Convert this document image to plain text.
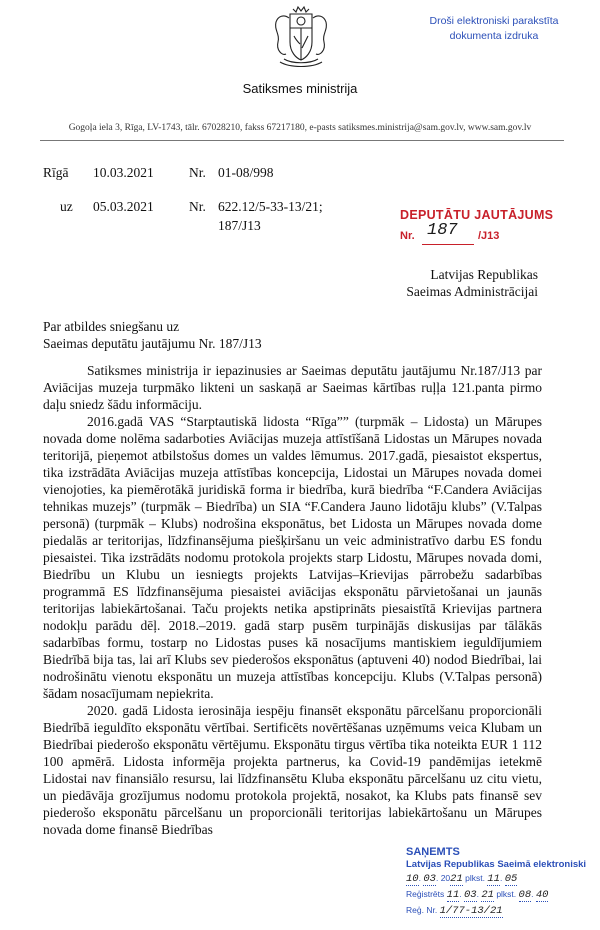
Satiksmes ministrija
Droši elektroniski parakstīta dokumenta izdruka
Gogoļa iela 3, Rīga, LV-1743, tālr. 67028210, fakss 67217180, e-pasts satiksmes.ministrija@sam.gov.lv, www.sam.gov.lv
Rīgā 10.03.2021	Nr. 01-08/998
uz 05.03.2021	Nr. 622.12/5-33-13/21;
187/J13
DEPUTĀTU JAUTĀJUMS
Nr. 187 /J13
Latvijas Republikas
Saeimas Administrācijai
Par atbildes sniegšanu uz
Saeimas deputātu jautājumu Nr. 187/J13

Satiksmes ministrija ir iepazinusies ar Saeimas deputātu jautājumu Nr.187/J13 par Aviācijas muzeja turpmāko likteni un saskaņā ar Saeimas kārtības ruļļa 121.panta pirmo daļu sniedz šādu informāciju.

2016.gadā VAS “Starptautiskā lidosta “Rīga”” (turpmāk – Lidosta) un Mārupes novada dome nolēma sadarboties Aviācijas muzeja attīstīšanā Lidostas un Mārupes novada teritorijā, pieņemot atbilstošus domes un valdes lēmumus. 2017.gadā, piesaistot ekspertus, tika izstrādāta Aviācijas muzeja attīstības koncepcija, Lidostai un Mārupes novada domei vienojoties, ka piemērotākā juridiskā forma ir biedrība, kurā biedrība “F.Candera Aviācijas tehnikas muzejs” (turpmāk – Biedrība) un SIA “F.Candera Jauno lidotāju klubs” (V.Talpas personā) (turpmāk – Klubs) nodrošina eksponātus, bet Lidosta un Mārupes novada dome piedalās ar teritorijas, līdzfinansējuma piešķiršanu un veic administratīvo darbu ES fondu piesaistei. Tika izstrādāts nodomu protokola projekts starp Lidostu, Mārupes novada domi, Biedrību un Klubu un iesniegts projekts Latvijas–Krievijas pārrobežu sadarbības programmā ES līdzfinansējuma piesaistei aviācijas eksponātu pārvietošanai un jaunās teritorijas labiekārtošanai. Taču projekts netika apstiprināts piesaistītā Krievijas partnera nodokļu parādu dēļ. 2018.–2019. gadā starp pusēm turpinājās diskusijas par tālākās sadarbības formu, tostarp no Lidostas puses kā nosacījums mantiskiem ieguldījumiem Biedrībā bija tas, lai arī Klubs sev piederošos eksponātus (aptuveni 40) nodod Biedrībai, lai nodrošinātu vienotu eksponātu un muzeja attīstības koncepciju. Klubs (V.Talpas personā) šādam nosacījumam nepiekrita.

2020. gadā Lidosta ierosināja iespēju finansēt eksponātu pārcelšanu proporcionāli Biedrībā ieguldīto eksponātu vērtībai. Sertificēts novērtēšanas uzņēmums veica Klubam un Biedrībai piederošo eksponātu vērtējumu. Eksponātu tirgus vērtība tika noteikta EUR 1 112 100 apmērā. Lidosta informēja projekta partnerus, ka Covid-19 pandēmijas ietekmē Lidostai nav finansiālo resursu, lai līdzfinansētu Kluba eksponātu pārcelšanu uz citu vietu, un piedāvāja grozījumus nodomu protokola projektā, nosakot, ka Klubs pats finansē sev piederošo eksponātu pārcelšanu un proporcionāli teritorijas labiekārtošanu un Mārupes novada dome finansē Biedrības

SAŅEMTS
Latvijas Republikas Saeimā elektroniski
10. 03. 2021 plkst. 11. 05
Reģistrēts 11. 03. 21 plkst. 08. 40
Reģ. Nr. 1/77-13/21
